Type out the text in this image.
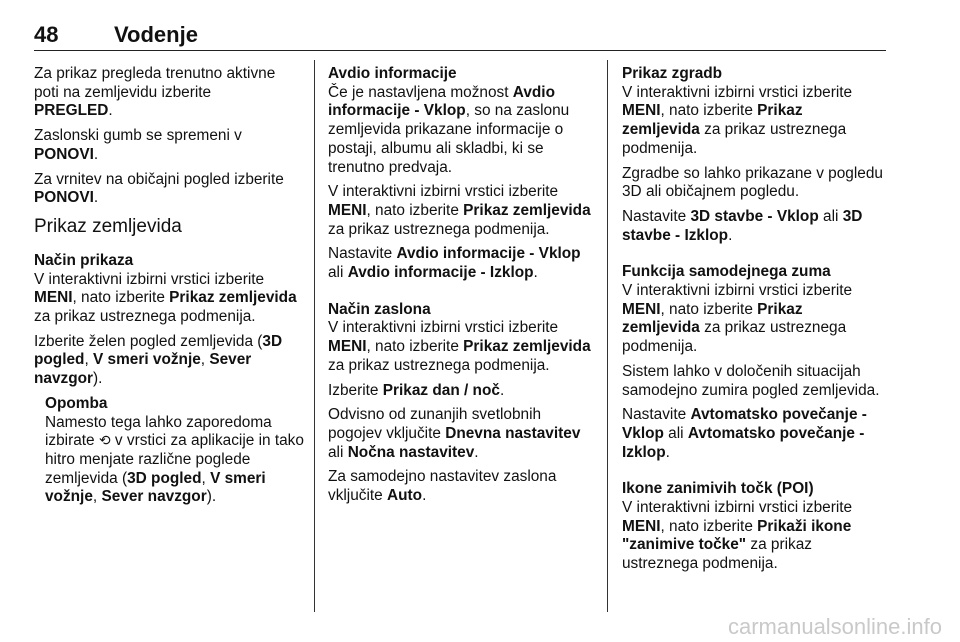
48	Vodenje

Za prikaz pregleda trenutno aktivne poti na zemljevidu izberite
PREGLED.

Zaslonski gumb se spremeni v
PONOVI.

Za vrnitev na običajni pogled izberite
PONOVI.

Prikaz zemljevida
Način prikaza

V interaktivni izbirni vrstici izberite
MENI, nato izberite Prikaz zemljevida za prikaz ustreznega podmenija.

Izberite želen pogled zemljevida (3D pogled, V smeri vožnje, Sever navzgor).

Opomba

Namesto tega lahko zaporedoma izbirate ⟲ v vrstici za aplikacije in tako hitro menjate različne poglede zemljevida (3D pogled, V smeri vožnje, Sever navzgor).

Avdio informacije

Če je nastavljena možnost Avdio informacije - Vklop, so na zaslonu zemljevida prikazane informacije o postaji, albumu ali skladbi, ki se trenutno predvaja.

V interaktivni izbirni vrstici izberite
MENI, nato izberite Prikaz zemljevida za prikaz ustreznega podmenija.

Nastavite Avdio informacije - Vklop ali Avdio informacije - Izklop.

Način zaslona

V interaktivni izbirni vrstici izberite
MENI, nato izberite Prikaz zemljevida za prikaz ustreznega podmenija.

Izberite Prikaz dan / noč.

Odvisno od zunanjih svetlobnih pogojev vključite Dnevna nastavitev ali Nočna nastavitev.

Za samodejno nastavitev zaslona vključite Auto.

Prikaz zgradb

V interaktivni izbirni vrstici izberite
MENI, nato izberite Prikaz zemljevida za prikaz ustreznega podmenija.

Zgradbe so lahko prikazane v pogledu 3D ali običajnem pogledu.

Nastavite 3D stavbe - Vklop ali 3D stavbe - Izklop.

Funkcija samodejnega zuma

V interaktivni izbirni vrstici izberite
MENI, nato izberite Prikaz zemljevida za prikaz ustreznega podmenija.

Sistem lahko v določenih situacijah samodejno zumira pogled zemljevida.

Nastavite Avtomatsko povečanje - Vklop ali Avtomatsko povečanje - Izklop.

Ikone zanimivih točk (POI)

V interaktivni izbirni vrstici izberite
MENI, nato izberite Prikaži ikone "zanimive točke" za prikaz ustreznega podmenija.

carmanualsonline.info
